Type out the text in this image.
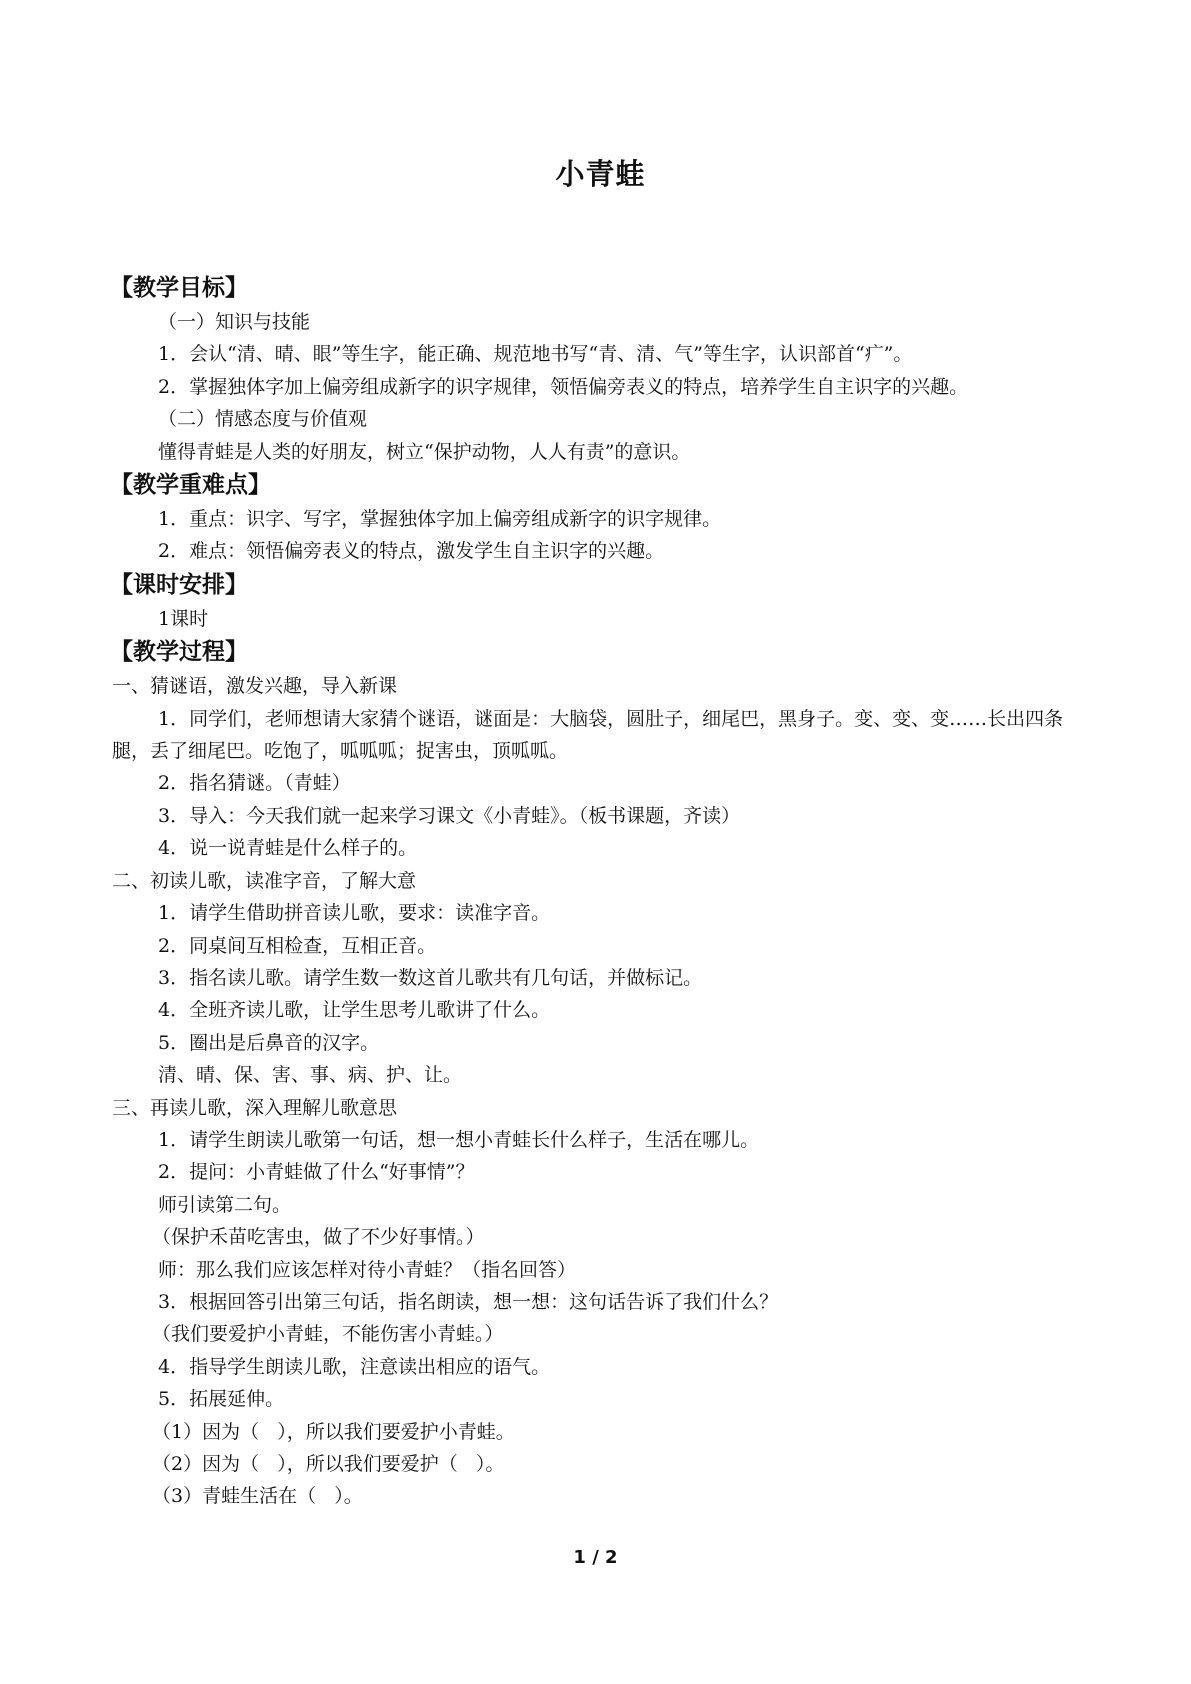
小青蛙
【教学目标】
（一）知识与技能
1．会认“清、晴、眼”等生字，能正确、规范地书写“青、清、气”等生字，认识部首“疒”。
2．掌握独体字加上偏旁组成新字的识字规律，领悟偏旁表义的特点，培养学生自主识字的兴趣。
（二）情感态度与价值观
懂得青蛙是人类的好朋友，树立“保护动物，人人有责”的意识。
【教学重难点】
1．重点：识字、写字，掌握独体字加上偏旁组成新字的识字规律。
2．难点：领悟偏旁表义的特点，激发学生自主识字的兴趣。
【课时安排】
1课时
【教学过程】
一、猜谜语，激发兴趣，导入新课
1．同学们，老师想请大家猜个谜语，谜面是：大脑袋，圆肚子，细尾巴，黑身子。变、变、变……长出四条腿，丢了细尾巴。吃饱了，呱呱呱；捉害虫，顶呱呱。
2．指名猜谜。（青蛙）
3．导入：今天我们就一起来学习课文《小青蛙》。（板书课题，齐读）
4．说一说青蛙是什么样子的。
二、初读儿歌，读准字音，了解大意
1．请学生借助拼音读儿歌，要求：读准字音。
2．同桌间互相检查，互相正音。
3．指名读儿歌。请学生数一数这首儿歌共有几句话，并做标记。
4．全班齐读儿歌，让学生思考儿歌讲了什么。
5．圈出是后鼻音的汉字。
清、晴、保、害、事、病、护、让。
三、再读儿歌，深入理解儿歌意思
1．请学生朗读儿歌第一句话，想一想小青蛙长什么样子，生活在哪儿。
2．提问：小青蛙做了什么“好事情”？
师引读第二句。
（保护禾苗吃害虫，做了不少好事情。）
师：那么我们应该怎样对待小青蛙？（指名回答）
3．根据回答引出第三句话，指名朗读，想一想：这句话告诉了我们什么？
（我们要爱护小青蛙，不能伤害小青蛙。）
4．指导学生朗读儿歌，注意读出相应的语气。
5．拓展延伸。
（1）因为（   ），所以我们要爱护小青蛙。
（2）因为（   ），所以我们要爱护（   ）。
（3）青蛙生活在（   ）。
1 / 2
